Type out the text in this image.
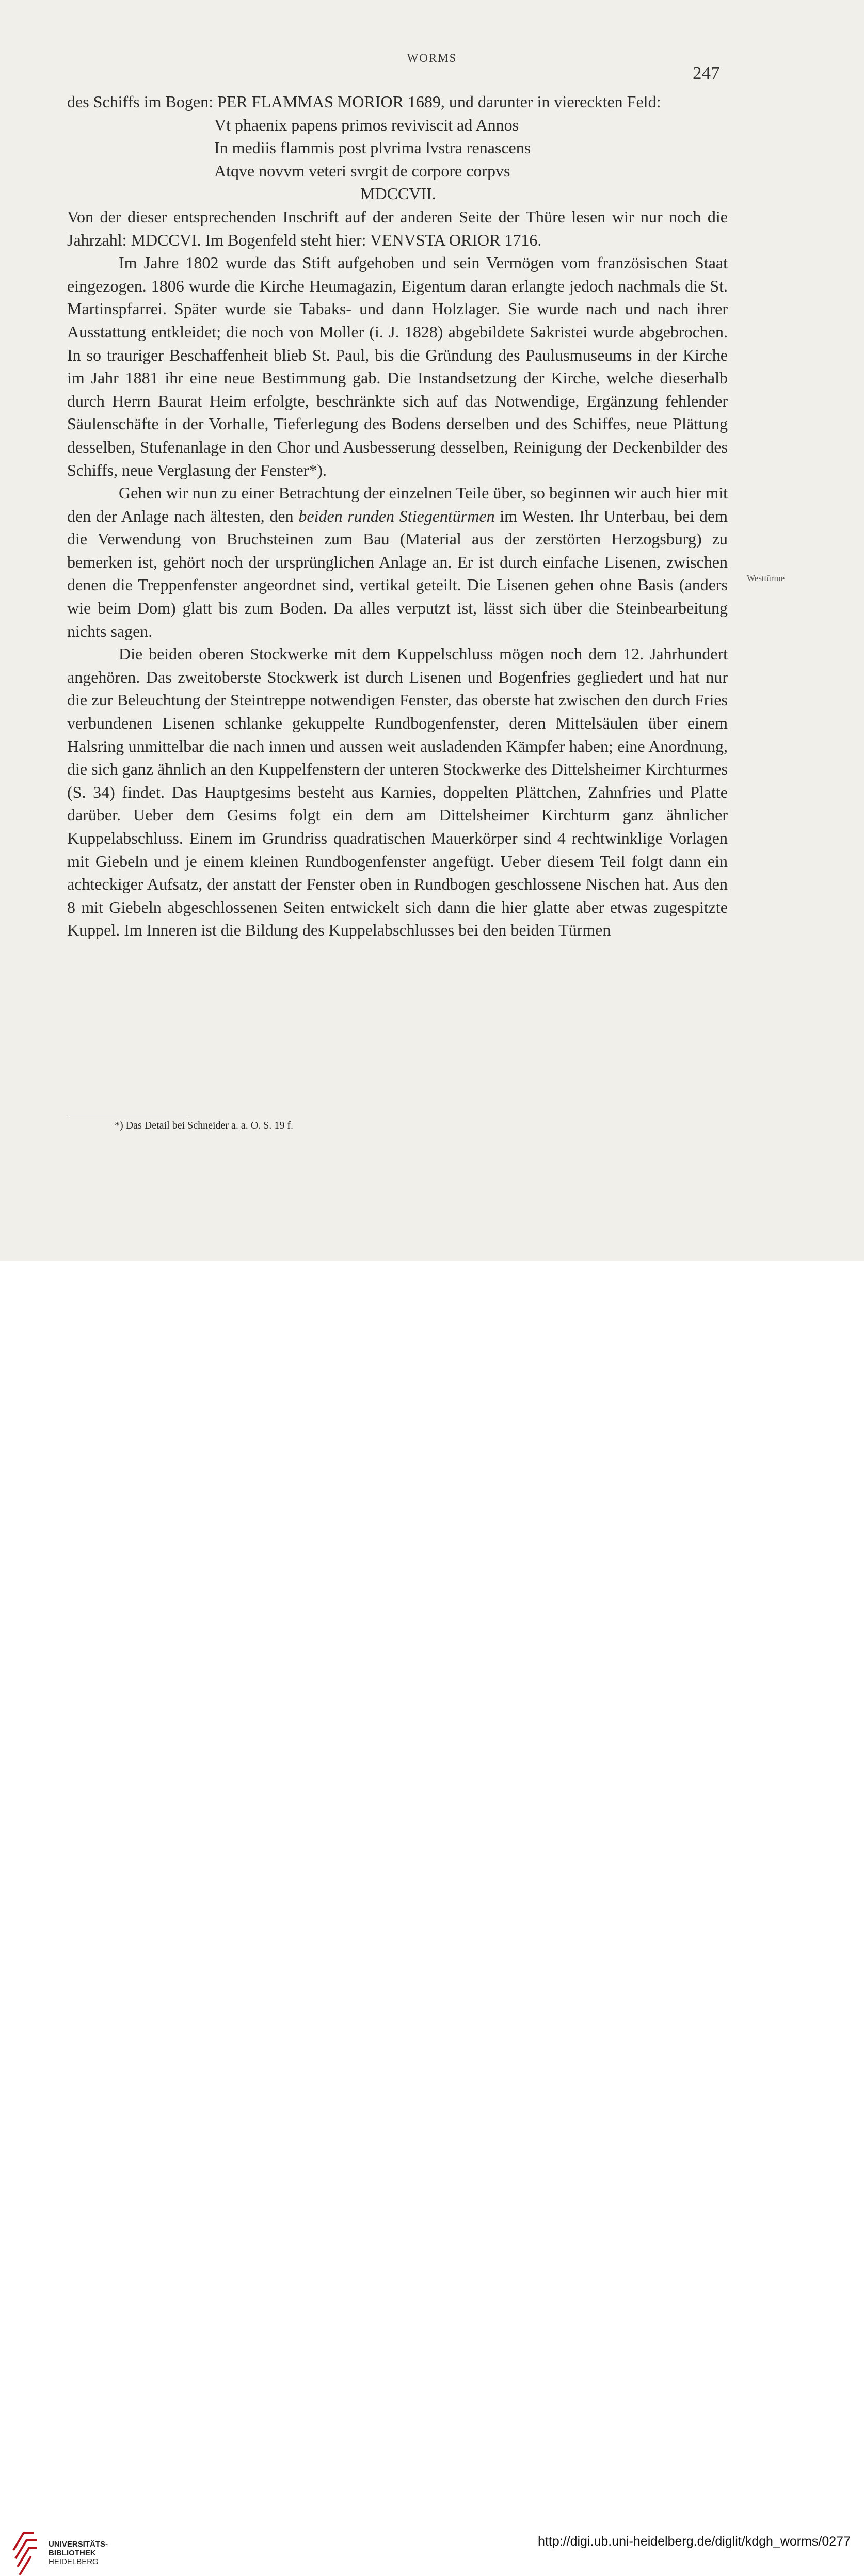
WORMS
247

des Schiffs im Bogen: PER FLAMMAS MORIOR 1689, und darunter in viereckten Feld:

Vt phaenix papens primos reviviscit ad Annos
In mediis flammis post plvrima lvstra renascens
Atqve novvm veteri svrgit de corpore corpvs
MDCCVII.

Von der dieser entsprechenden Inschrift auf der anderen Seite der Thüre lesen wir nur noch die Jahrzahl: MDCCVI. Im Bogenfeld steht hier: VENVSTA ORIOR 1716.

Im Jahre 1802 wurde das Stift aufgehoben und sein Vermögen vom französischen Staat eingezogen. 1806 wurde die Kirche Heumagazin, Eigentum daran erlangte jedoch nachmals die St. Martinspfarrei. Später wurde sie Tabaks- und dann Holzlager. Sie wurde nach und nach ihrer Ausstattung entkleidet; die noch von Moller (i. J. 1828) abgebildete Sakristei wurde abgebrochen. In so trauriger Beschaffenheit blieb St. Paul, bis die Gründung des Paulusmuseums in der Kirche im Jahr 1881 ihr eine neue Bestimmung gab. Die Instandsetzung der Kirche, welche dieserhalb durch Herrn Baurat Heim erfolgte, beschränkte sich auf das Notwendige, Ergänzung fehlender Säulenschäfte in der Vorhalle, Tieferlegung des Bodens derselben und des Schiffes, neue Plättung desselben, Stufenanlage in den Chor und Ausbesserung desselben, Reinigung der Deckenbilder des Schiffs, neue Verglasung der Fenster*).

Gehen wir nun zu einer Betrachtung der einzelnen Teile über, so beginnen wir auch hier mit den der Anlage nach ältesten, den beiden runden Stiegentürmen im Westen. Ihr Unterbau, bei dem die Verwendung von Bruchsteinen zum Bau (Material aus der zerstörten Herzogsburg) zu bemerken ist, gehört noch der ursprünglichen Anlage an. Er ist durch einfache Lisenen, zwischen denen die Treppenfenster angeordnet sind, vertikal geteilt. Die Lisenen gehen ohne Basis (anders wie beim Dom) glatt bis zum Boden. Da alles verputzt ist, lässt sich über die Steinbearbeitung nichts sagen.

Die beiden oberen Stockwerke mit dem Kuppelschluss mögen noch dem 12. Jahrhundert angehören. Das zweitoberste Stockwerk ist durch Lisenen und Bogenfries gegliedert und hat nur die zur Beleuchtung der Steintreppe notwendigen Fenster, das oberste hat zwischen den durch Fries verbundenen Lisenen schlanke gekuppelte Rundbogenfenster, deren Mittelsäulen über einem Halsring unmittelbar die nach innen und aussen weit ausladenden Kämpfer haben; eine Anordnung, die sich ganz ähnlich an den Kuppelfenstern der unteren Stockwerke des Dittelsheimer Kirchturmes (S. 34) findet. Das Hauptgesims besteht aus Karnies, doppelten Plättchen, Zahnfries und Platte darüber. Ueber dem Gesims folgt ein dem am Dittelsheimer Kirchturm ganz ähnlicher Kuppelabschluss. Einem im Grundriss quadratischen Mauerkörper sind 4 rechtwinklige Vorlagen mit Giebeln und je einem kleinen Rundbogenfenster angefügt. Ueber diesem Teil folgt dann ein achteckiger Aufsatz, der anstatt der Fenster oben in Rundbogen geschlossene Nischen hat. Aus den 8 mit Giebeln abgeschlossenen Seiten entwickelt sich dann die hier glatte aber etwas zugespitzte Kuppel. Im Inneren ist die Bildung des Kuppelabschlusses bei den beiden Türmen

Westtürme
*) Das Detail bei Schneider a. a. O. S. 19 f.
UNIVERSITÄTS-
BIBLIOTHEK
HEIDELBERG
http://digi.ub.uni-heidelberg.de/diglit/kdgh_worms/0277
